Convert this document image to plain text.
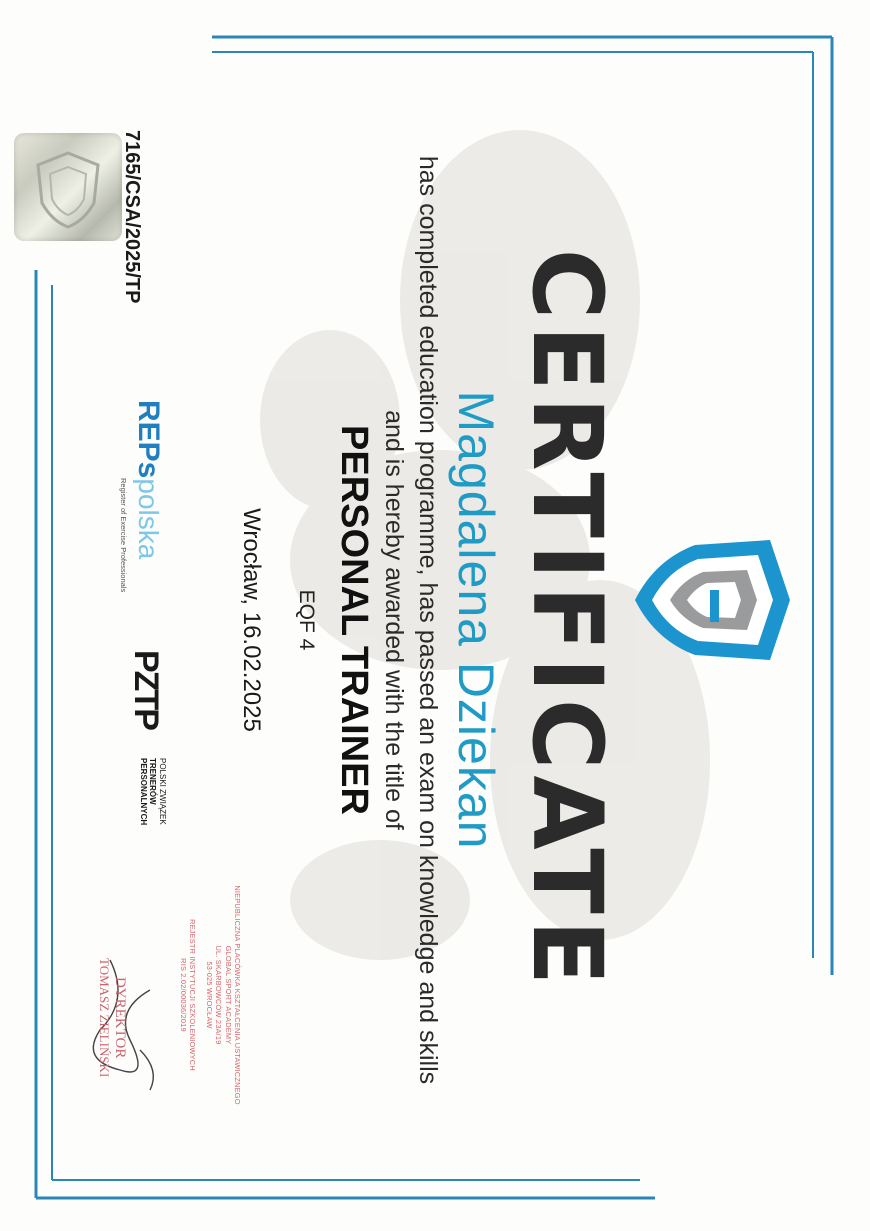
CERTIFICATE
Magdalena Dziekan
has completed education programme, has passed an exam on knowledge and skills
and is hereby awarded with the title of
PERSONAL TRAINER
EQF 4
Wrocław, 16.02.2025
7165/CSA/2025/TP
REPspolska
Register of Exercise Professionals
PZTP
POLSKI ZWIĄZEK
TRENERÓW
PERSONALNYCH
NIEPUBLICZNA PLACÓWKA KSZTAŁCENIA USTAWICZNEGO
GLOBAL SPORT ACADEMY
UL. SKARBOWCÓW 23A/19
53-025 WROCŁAW
REJESTR INSTYTUCJI SZKOLENIOWYCH
RIS 2.02/00036/2019
DYREKTOR
TOMASZ ZIELIŃSKI
